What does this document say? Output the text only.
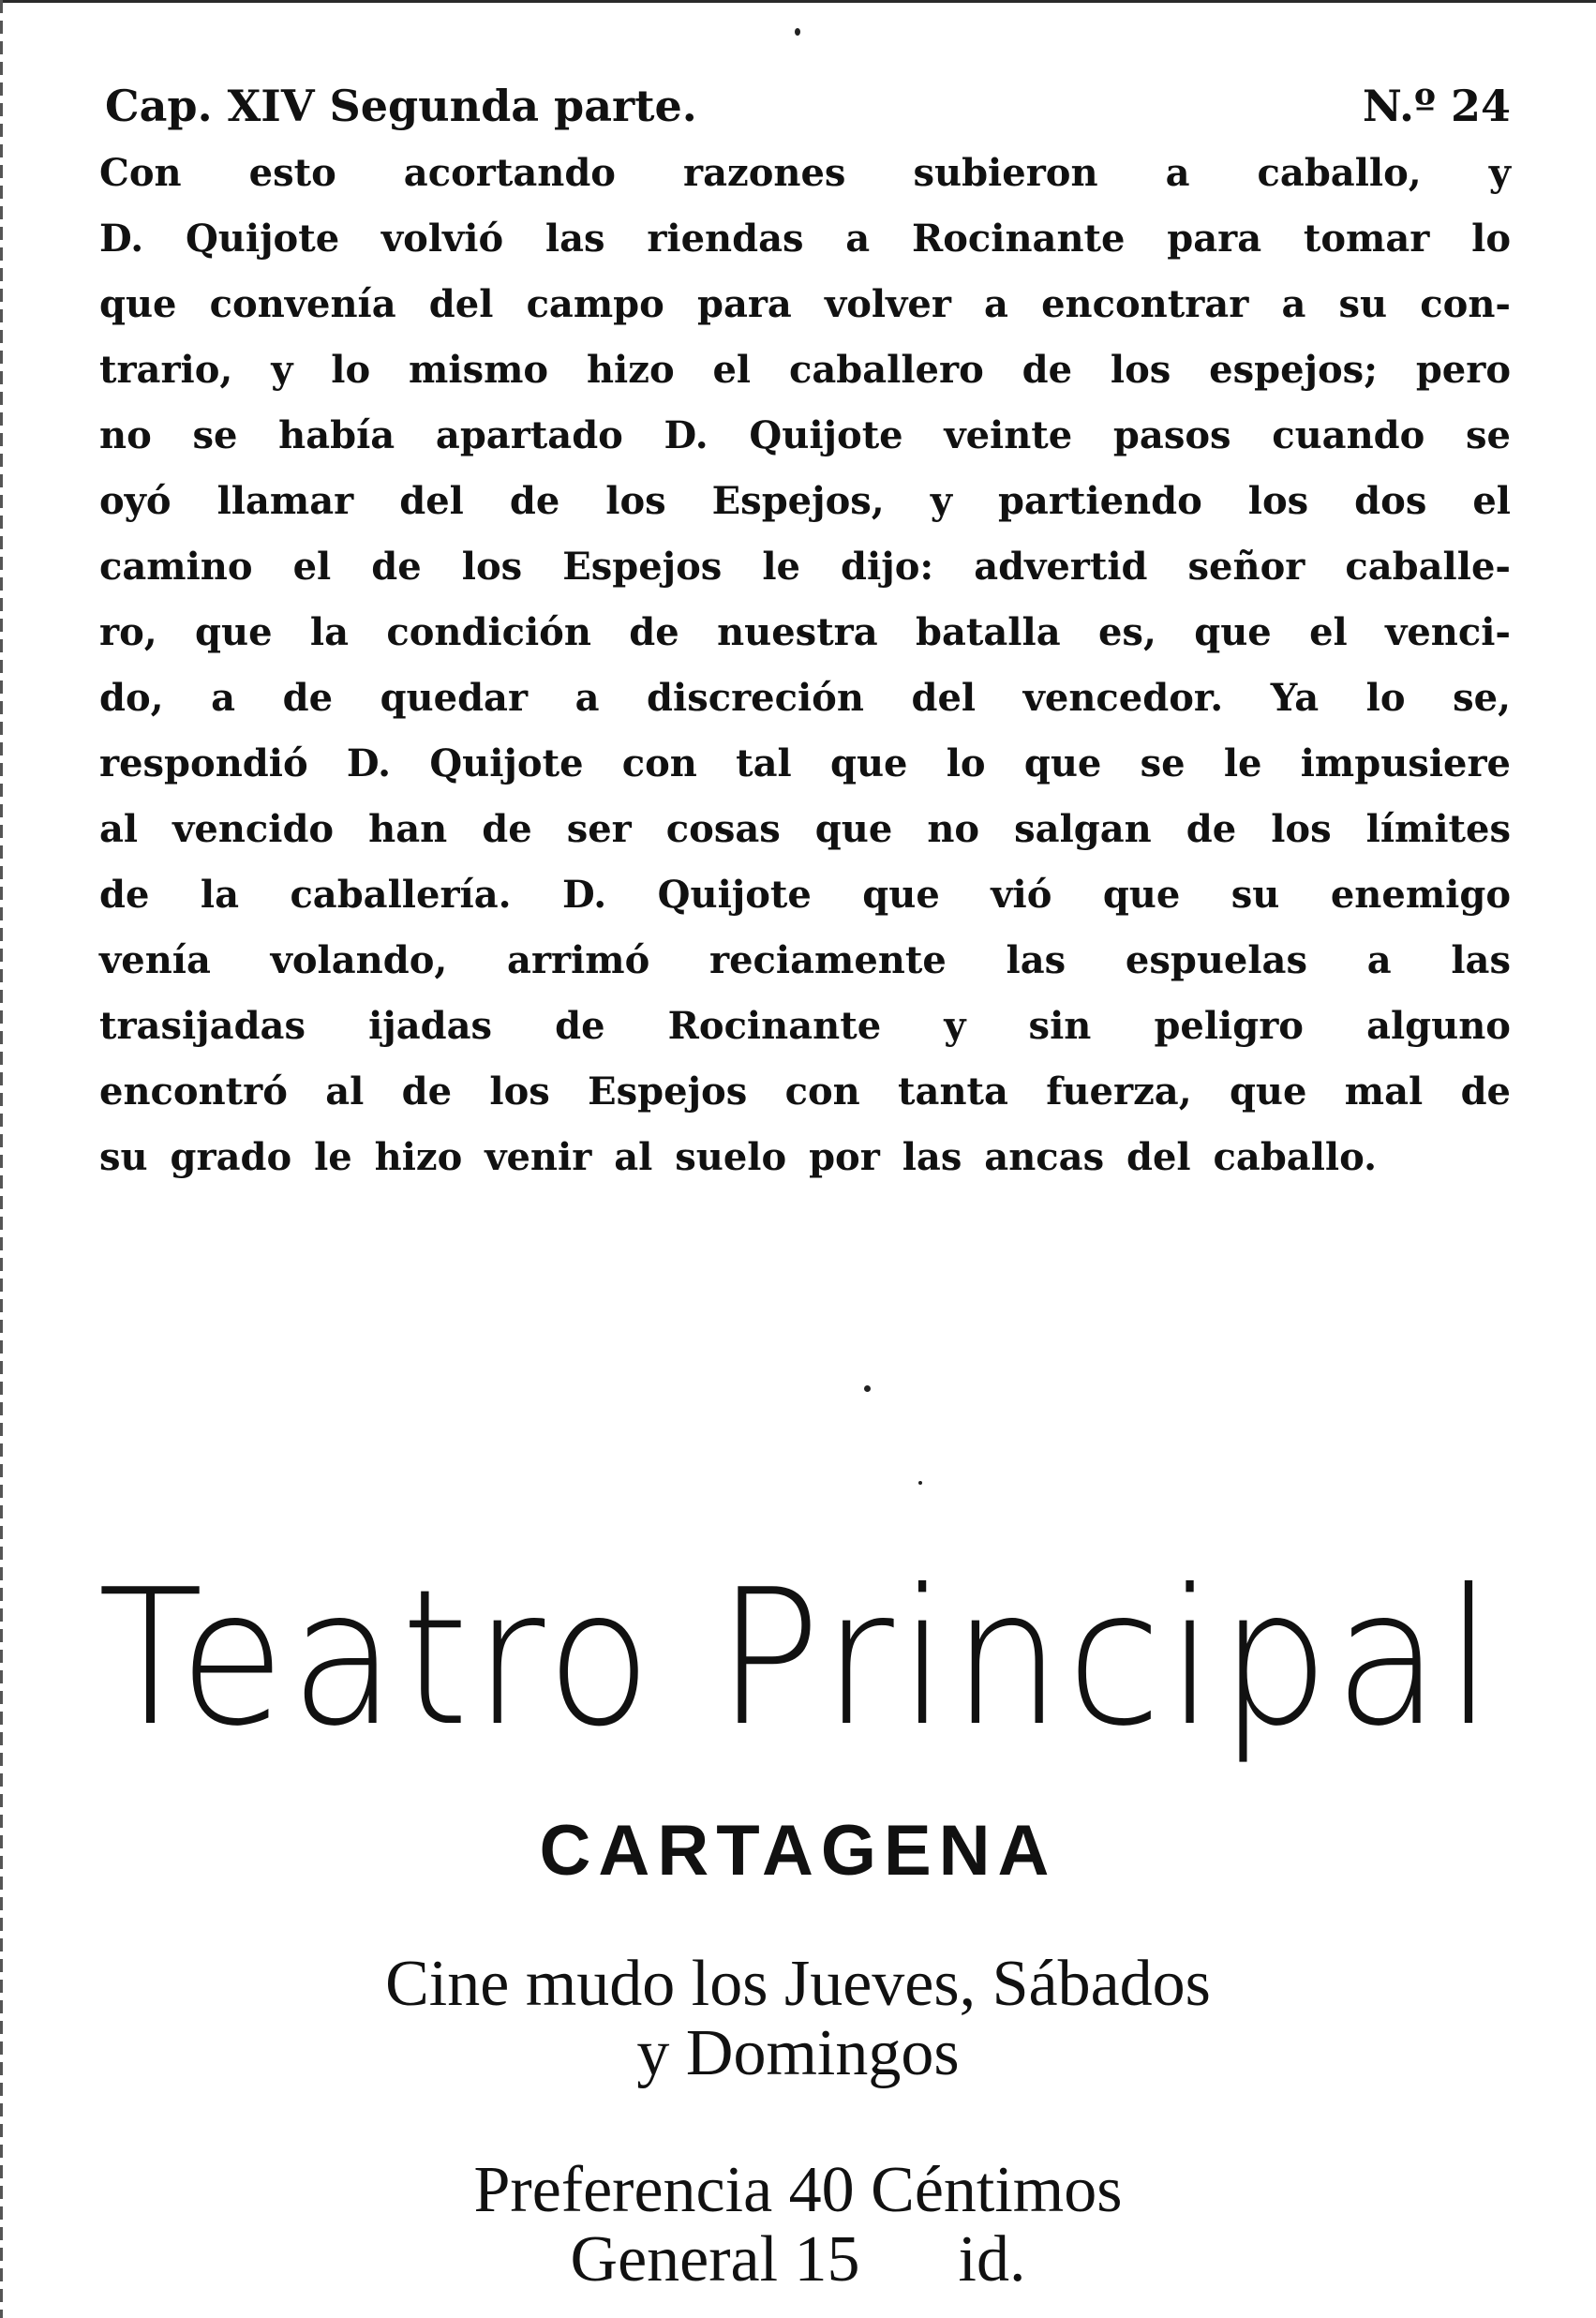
Cap. XIV Segunda parte.	N.º 24
Con esto acortando razones subieron a caballo, y
D. Quijote volvió las riendas a Rocinante para tomar lo
que convenía del campo para volver a encontrar a su con-
trario, y lo mismo hizo el caballero de los espejos; pero
no se había apartado D. Quijote veinte pasos cuando se
oyó llamar del de los Espejos, y partiendo los dos el
camino el de los Espejos le dijo: advertid señor caballe-
ro, que la condición de nuestra batalla es, que el venci-
do, a de quedar a discreción del vencedor. Ya lo se,
respondió D. Quijote con tal que lo que se le impusiere
al vencido han de ser cosas que no salgan de los límites
de la caballería. D. Quijote que vió que su enemigo
venía volando, arrimó reciamente las espuelas a las
trasijadas ijadas de Rocinante y sin peligro alguno
encontró al de los Espejos con tanta fuerza, que mal de
su grado le hizo venir al suelo por las ancas del caballo.
Teatro Principal
CARTAGENA
Cine mudo los Jueves, Sábados
y Domingos
Preferencia 40 Céntimos
General 15      id.
